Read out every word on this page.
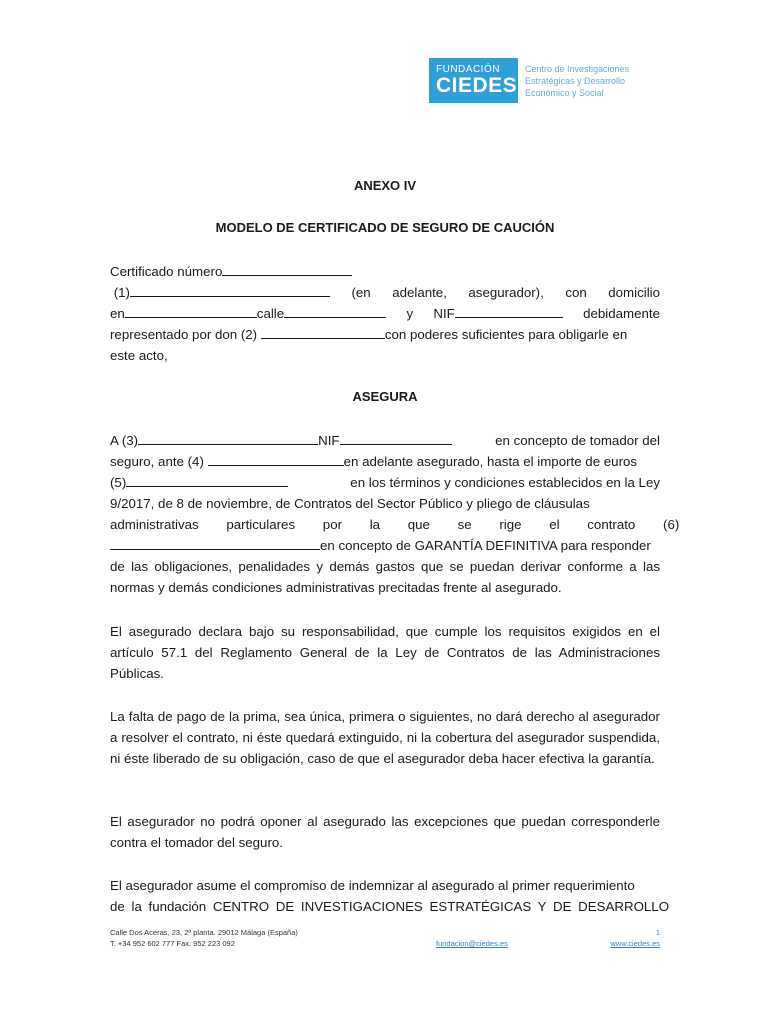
FUNDACIÓN
CIEDES
Centro de Investigaciones Estratégicas y Desarrollo Económico y Social
ANEXO IV
MODELO DE CERTIFICADO DE SEGURO DE CAUCIÓN
Certificado número
(1)	(en adelante, asegurador), con domicilio
en	calle	y NIF	debidamente
representado por don (2)	con poderes suficientes para obligarle en
este acto,
ASEGURA
A (3)	NIF	en concepto de tomador del
seguro, ante (4)	en adelante asegurado, hasta el importe de euros
(5)	en los términos y condiciones establecidos en la Ley
9/2017, de 8 de noviembre, de Contratos del Sector Público y pliego de cláusulas
administrativas particulares por la que se rige el contrato (6)
en concepto de GARANTÍA DEFINITIVA para responder
de las obligaciones, penalidades y demás gastos que se puedan derivar conforme a las normas y demás condiciones administrativas precitadas frente al asegurado.
El asegurado declara bajo su responsabilidad, que cumple los requisitos exigidos en el artículo 57.1 del Reglamento General de la Ley de Contratos de las Administraciones Públicas.
La falta de pago de la prima, sea única, primera o siguientes, no dará derecho al asegurador a resolver el contrato, ni éste quedará extinguido, ni la cobertura del asegurador suspendida, ni éste liberado de su obligación, caso de que el asegurador deba hacer efectiva la garantía.
El asegurador no podrá oponer al asegurado las excepciones que puedan corresponderle contra el tomador del seguro.
El asegurador asume el compromiso de indemnizar al asegurado al primer requerimiento
de la fundación CENTRO DE INVESTIGACIONES ESTRATÉGICAS Y DE DESARROLLO
Calle Dos Aceras, 23, 2ª planta. 29012 Málaga (España)
T. +34 952 602 777 Fax. 952 223 092	fundacion@ciedes.es	www.ciedes.es
1
